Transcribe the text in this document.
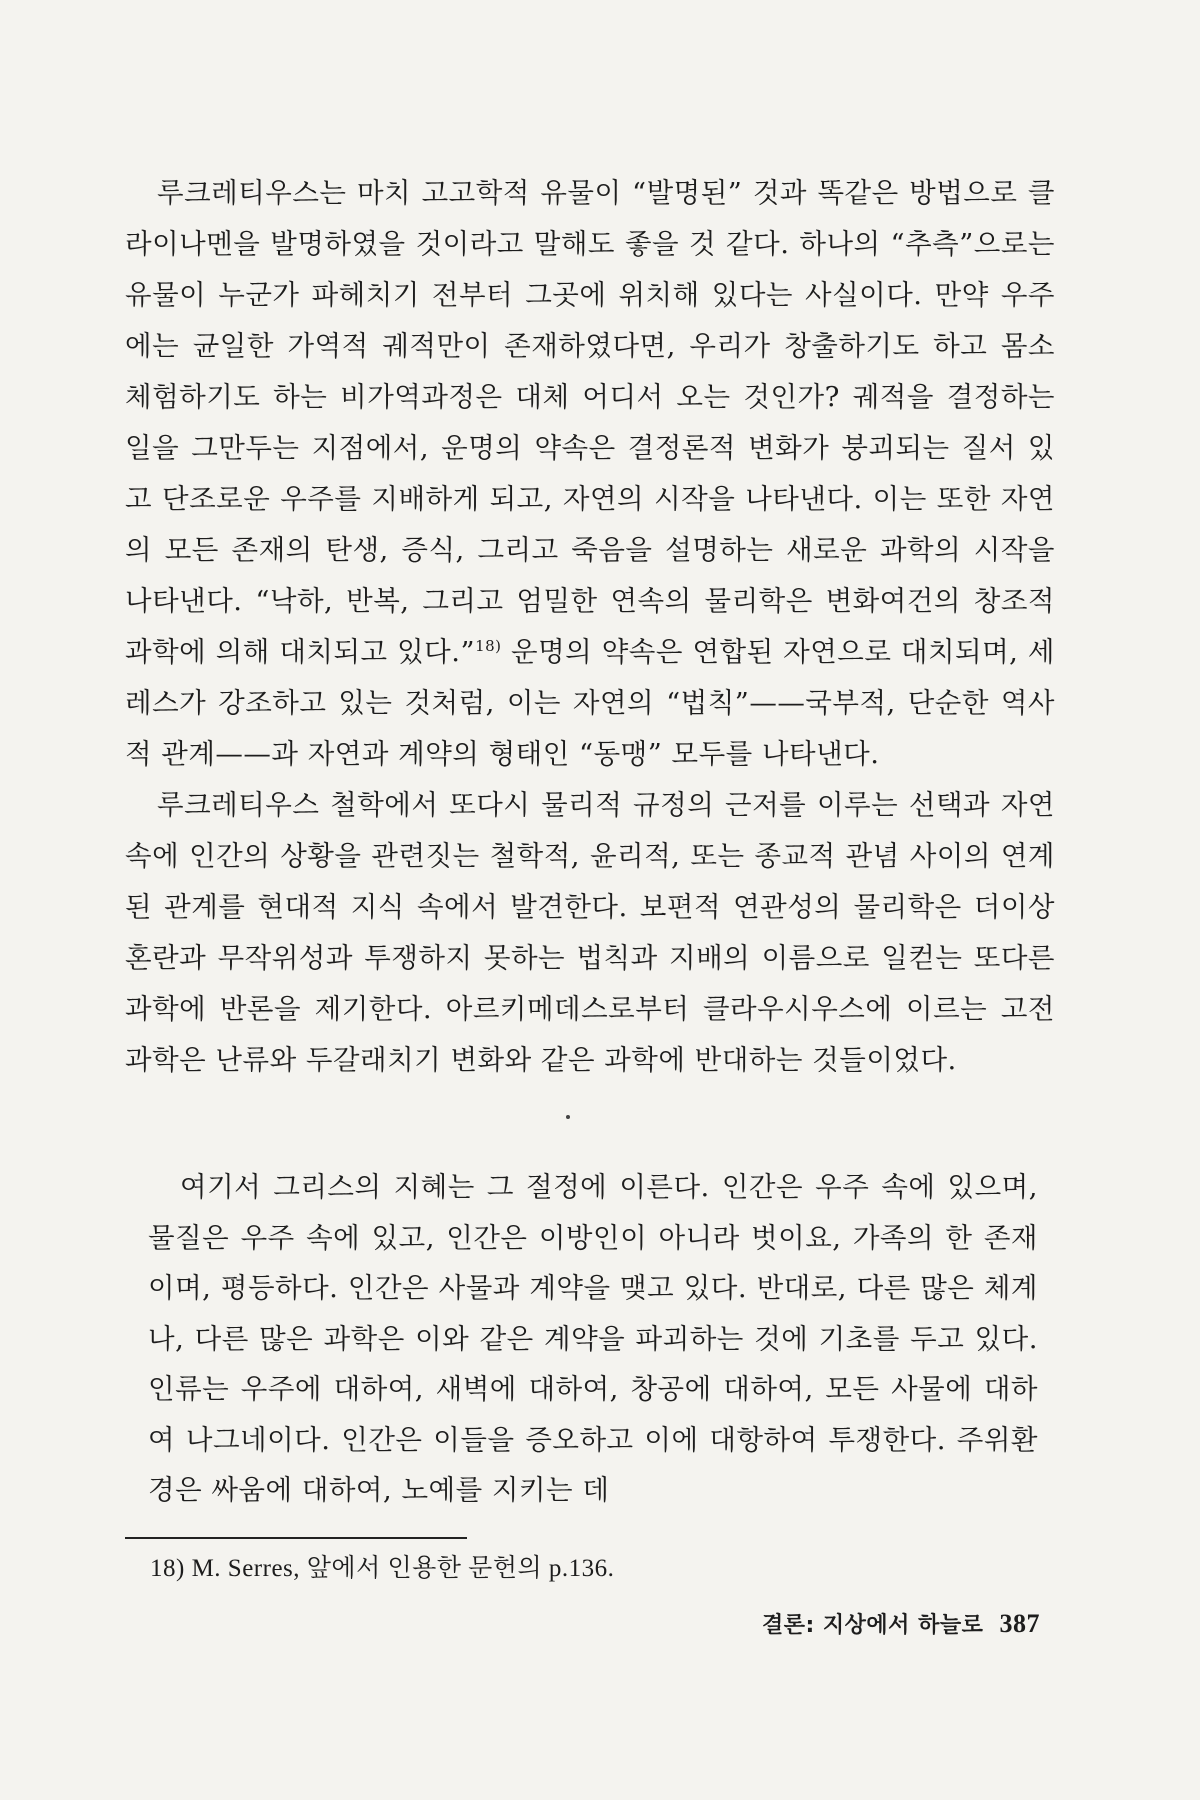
루크레티우스는 마치 고고학적 유물이 “발명된” 것과 똑같은 방법으로 클라이나멘을 발명하였을 것이라고 말해도 좋을 것 같다. 하나의 “추측”으로는 유물이 누군가 파헤치기 전부터 그곳에 위치해 있다는 사실이다. 만약 우주에는 균일한 가역적 궤적만이 존재하였다면, 우리가 창출하기도 하고 몸소 체험하기도 하는 비가역과정은 대체 어디서 오는 것인가? 궤적을 결정하는 일을 그만두는 지점에서, 운명의 약속은 결정론적 변화가 붕괴되는 질서 있고 단조로운 우주를 지배하게 되고, 자연의 시작을 나타낸다. 이는 또한 자연의 모든 존재의 탄생, 증식, 그리고 죽음을 설명하는 새로운 과학의 시작을 나타낸다. “낙하, 반복, 그리고 엄밀한 연속의 물리학은 변화여건의 창조적 과학에 의해 대치되고 있다.”$^{18)}$ 운명의 약속은 연합된 자연으로 대치되며, 세레스가 강조하고 있는 것처럼, 이는 자연의 “법칙”——국부적, 단순한 역사적 관계——과 자연과 계약의 형태인 “동맹” 모두를 나타낸다.

루크레티우스 철학에서 또다시 물리적 규정의 근저를 이루는 선택과 자연 속에 인간의 상황을 관련짓는 철학적, 윤리적, 또는 종교적 관념 사이의 연계된 관계를 현대적 지식 속에서 발견한다. 보편적 연관성의 물리학은 더이상 혼란과 무작위성과 투쟁하지 못하는 법칙과 지배의 이름으로 일컫는 또다른 과학에 반론을 제기한다. 아르키메데스로부터 클라우시우스에 이르는 고전과학은 난류와 두갈래치기 변화와 같은 과학에 반대하는 것들이었다.

여기서 그리스의 지혜는 그 절정에 이른다. 인간은 우주 속에 있으며, 물질은 우주 속에 있고, 인간은 이방인이 아니라 벗이요, 가족의 한 존재이며, 평등하다. 인간은 사물과 계약을 맺고 있다. 반대로, 다른 많은 체계나, 다른 많은 과학은 이와 같은 계약을 파괴하는 것에 기초를 두고 있다. 인류는 우주에 대하여, 새벽에 대하여, 창공에 대하여, 모든 사물에 대하여 나그네이다. 인간은 이들을 증오하고 이에 대항하여 투쟁한다. 주위환경은 싸움에 대하여, 노예를 지키는 데

18) M. Serres, 앞에서 인용한 문헌의 p.136.
결론: 지상에서 하늘로 387
